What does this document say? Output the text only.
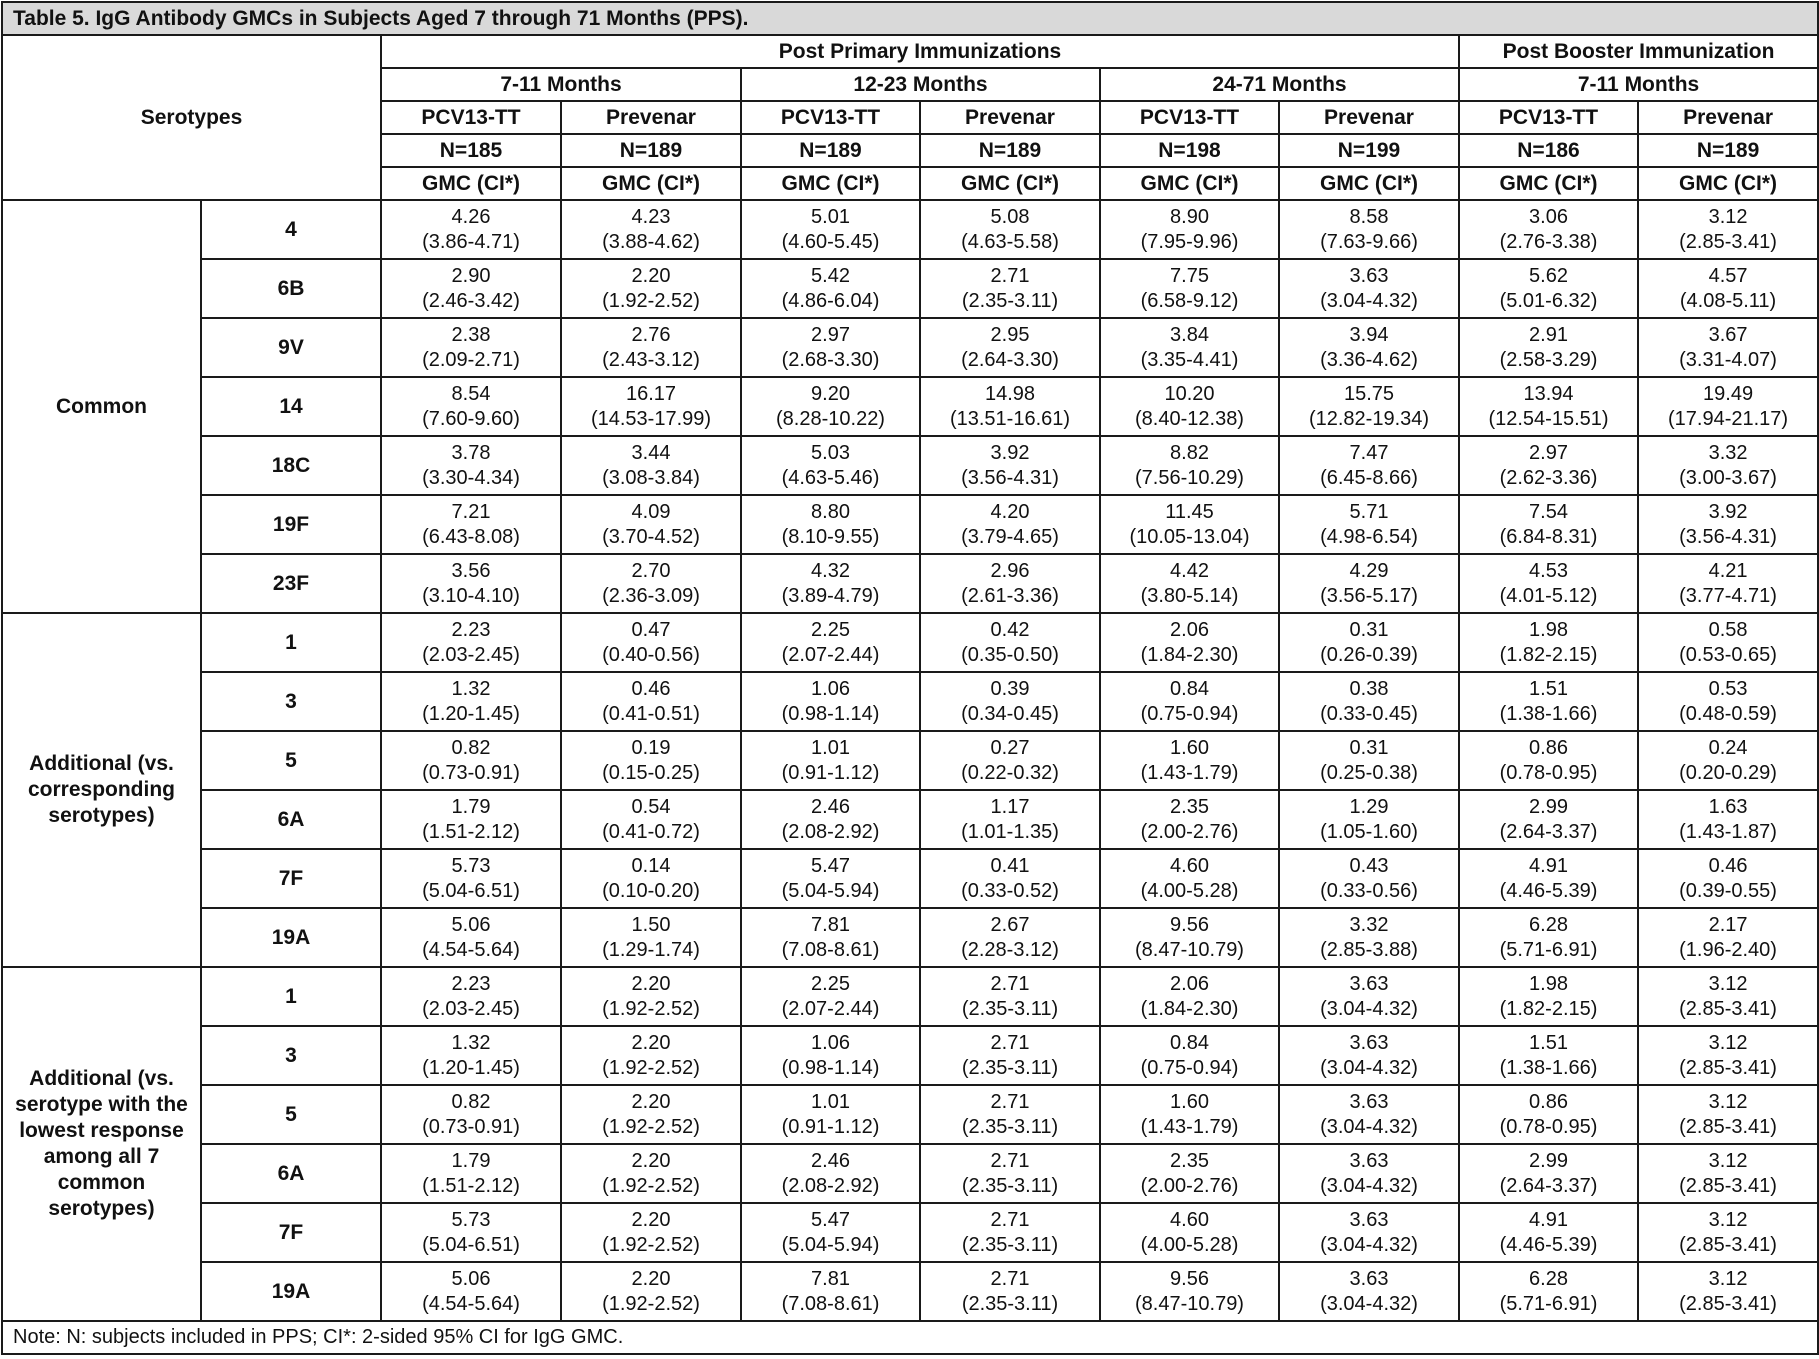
Table 5. IgG Antibody GMCs in Subjects Aged 7 through 71 Months (PPS).									
Serotypes		Post Primary Immunizations						Post Booster Immunization	
		7-11 Months		12-23 Months		24-71 Months		7-11 Months	
		PCV13-TT	Prevenar	PCV13-TT	Prevenar	PCV13-TT	Prevenar	PCV13-TT	Prevenar
		N=185	N=189	N=189	N=189	N=198	N=199	N=186	N=189
		GMC (CI*)	GMC (CI*)	GMC (CI*)	GMC (CI*)	GMC (CI*)	GMC (CI*)	GMC (CI*)	GMC (CI*)
Common	4	4.26
(3.86-4.71)	4.23
(3.88-4.62)	5.01
(4.60-5.45)	5.08
(4.63-5.58)	8.90
(7.95-9.96)	8.58
(7.63-9.66)	3.06
(2.76-3.38)	3.12
(2.85-3.41)

	6B	2.90
(2.46-3.42)	2.20
(1.92-2.52)	5.42
(4.86-6.04)	2.71
(2.35-3.11)	7.75
(6.58-9.12)	3.63
(3.04-4.32)	5.62
(5.01-6.32)	4.57
(4.08-5.11)

	9V	2.38
(2.09-2.71)	2.76
(2.43-3.12)	2.97
(2.68-3.30)	2.95
(2.64-3.30)	3.84
(3.35-4.41)	3.94
(3.36-4.62)	2.91
(2.58-3.29)	3.67
(3.31-4.07)

	14	8.54
(7.60-9.60)	16.17
(14.53-17.99)	9.20
(8.28-10.22)	14.98
(13.51-16.61)	10.20
(8.40-12.38)	15.75
(12.82-19.34)	13.94
(12.54-15.51)	19.49
(17.94-21.17)

	18C	3.78
(3.30-4.34)	3.44
(3.08-3.84)	5.03
(4.63-5.46)	3.92
(3.56-4.31)	8.82
(7.56-10.29)	7.47
(6.45-8.66)	2.97
(2.62-3.36)	3.32
(3.00-3.67)

	19F	7.21
(6.43-8.08)	4.09
(3.70-4.52)	8.80
(8.10-9.55)	4.20
(3.79-4.65)	11.45
(10.05-13.04)	5.71
(4.98-6.54)	7.54
(6.84-8.31)	3.92
(3.56-4.31)

	23F	3.56
(3.10-4.10)	2.70
(2.36-3.09)	4.32
(3.89-4.79)	2.96
(2.61-3.36)	4.42
(3.80-5.14)	4.29
(3.56-5.17)	4.53
(4.01-5.12)	4.21
(3.77-4.71)

Additional (vs. corresponding serotypes)	1	2.23
(2.03-2.45)	0.47
(0.40-0.56)	2.25
(2.07-2.44)	0.42
(0.35-0.50)	2.06
(1.84-2.30)	0.31
(0.26-0.39)	1.98
(1.82-2.15)	0.58
(0.53-0.65)

	3	1.32
(1.20-1.45)	0.46
(0.41-0.51)	1.06
(0.98-1.14)	0.39
(0.34-0.45)	0.84
(0.75-0.94)	0.38
(0.33-0.45)	1.51
(1.38-1.66)	0.53
(0.48-0.59)

	5	0.82
(0.73-0.91)	0.19
(0.15-0.25)	1.01
(0.91-1.12)	0.27
(0.22-0.32)	1.60
(1.43-1.79)	0.31
(0.25-0.38)	0.86
(0.78-0.95)	0.24
(0.20-0.29)

	6A	1.79
(1.51-2.12)	0.54
(0.41-0.72)	2.46
(2.08-2.92)	1.17
(1.01-1.35)	2.35
(2.00-2.76)	1.29
(1.05-1.60)	2.99
(2.64-3.37)	1.63
(1.43-1.87)

	7F	5.73
(5.04-6.51)	0.14
(0.10-0.20)	5.47
(5.04-5.94)	0.41
(0.33-0.52)	4.60
(4.00-5.28)	0.43
(0.33-0.56)	4.91
(4.46-5.39)	0.46
(0.39-0.55)

	19A	5.06
(4.54-5.64)	1.50
(1.29-1.74)	7.81
(7.08-8.61)	2.67
(2.28-3.12)	9.56
(8.47-10.79)	3.32
(2.85-3.88)	6.28
(5.71-6.91)	2.17
(1.96-2.40)

Additional (vs. serotype with the lowest response among all 7 common serotypes)	1	2.23
(2.03-2.45)	2.20
(1.92-2.52)	2.25
(2.07-2.44)	2.71
(2.35-3.11)	2.06
(1.84-2.30)	3.63
(3.04-4.32)	1.98
(1.82-2.15)	3.12
(2.85-3.41)

	3	1.32
(1.20-1.45)	2.20
(1.92-2.52)	1.06
(0.98-1.14)	2.71
(2.35-3.11)	0.84
(0.75-0.94)	3.63
(3.04-4.32)	1.51
(1.38-1.66)	3.12
(2.85-3.41)

	5	0.82
(0.73-0.91)	2.20
(1.92-2.52)	1.01
(0.91-1.12)	2.71
(2.35-3.11)	1.60
(1.43-1.79)	3.63
(3.04-4.32)	0.86
(0.78-0.95)	3.12
(2.85-3.41)

	6A	1.79
(1.51-2.12)	2.20
(1.92-2.52)	2.46
(2.08-2.92)	2.71
(2.35-3.11)	2.35
(2.00-2.76)	3.63
(3.04-4.32)	2.99
(2.64-3.37)	3.12
(2.85-3.41)

	7F	5.73
(5.04-6.51)	2.20
(1.92-2.52)	5.47
(5.04-5.94)	2.71
(2.35-3.11)	4.60
(4.00-5.28)	3.63
(3.04-4.32)	4.91
(4.46-5.39)	3.12
(2.85-3.41)

	19A	5.06
(4.54-5.64)	2.20
(1.92-2.52)	7.81
(7.08-8.61)	2.71
(2.35-3.11)	9.56
(8.47-10.79)	3.63
(3.04-4.32)	6.28
(5.71-6.91)	3.12
(2.85-3.41)

Note: N: subjects included in PPS; CI*: 2-sided 95% CI for IgG GMC.									
